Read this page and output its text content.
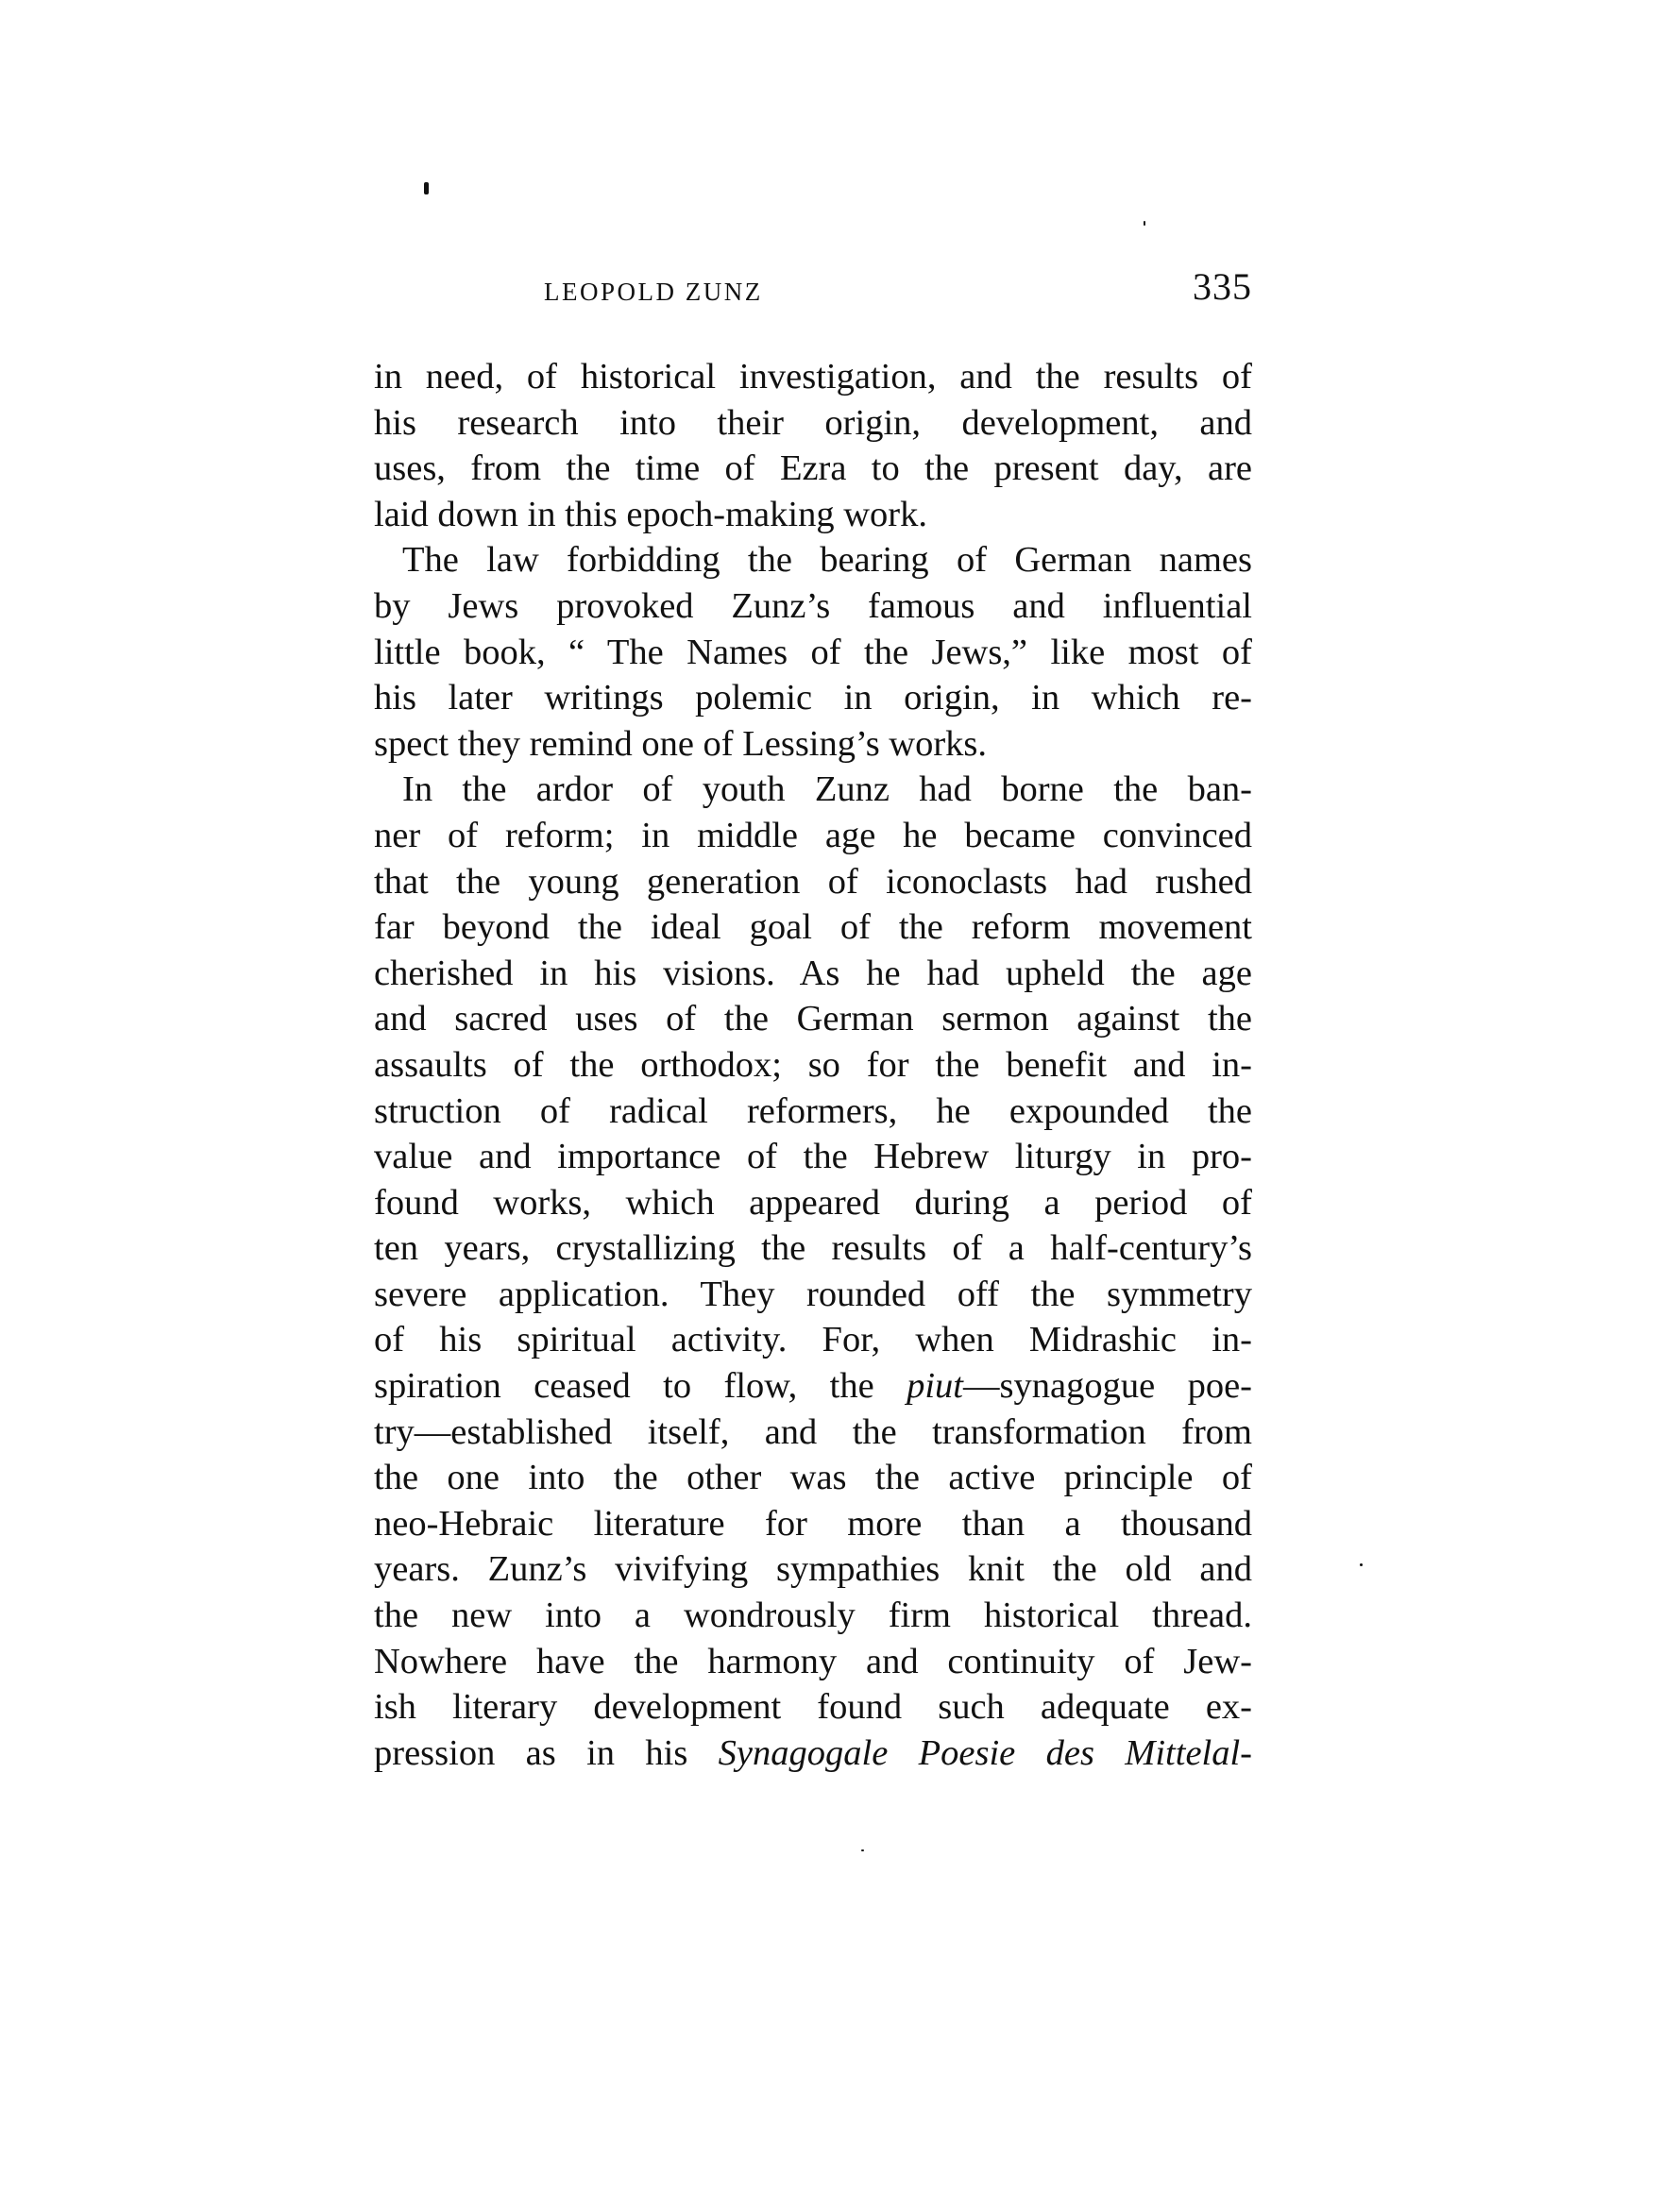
LEOPOLD ZUNZ	335
in need, of historical investigation, and the results of
his research into their origin, development, and
uses, from the time of Ezra to the present day, are
laid down in this epoch-making work.
The law forbidding the bearing of German names
by Jews provoked Zunz’s famous and influential
little book, “ The Names of the Jews,” like most of
his later writings polemic in origin, in which re-
spect they remind one of Lessing’s works.
In the ardor of youth Zunz had borne the ban-
ner of reform; in middle age he became convinced
that the young generation of iconoclasts had rushed
far beyond the ideal goal of the reform movement
cherished in his visions. As he had upheld the age
and sacred uses of the German sermon against the
assaults of the orthodox; so for the benefit and in-
struction of radical reformers, he expounded the
value and importance of the Hebrew liturgy in pro-
found works, which appeared during a period of
ten years, crystallizing the results of a half-century’s
severe application. They rounded off the symmetry
of his spiritual activity. For, when Midrashic in-
spiration ceased to flow, the piut—synagogue poe-
try—established itself, and the transformation from
the one into the other was the active principle of
neo-Hebraic literature for more than a thousand
years. Zunz’s vivifying sympathies knit the old and
the new into a wondrously firm historical thread.
Nowhere have the harmony and continuity of Jew-
ish literary development found such adequate ex-
pression as in his Synagogale Poesie des Mittelal-
